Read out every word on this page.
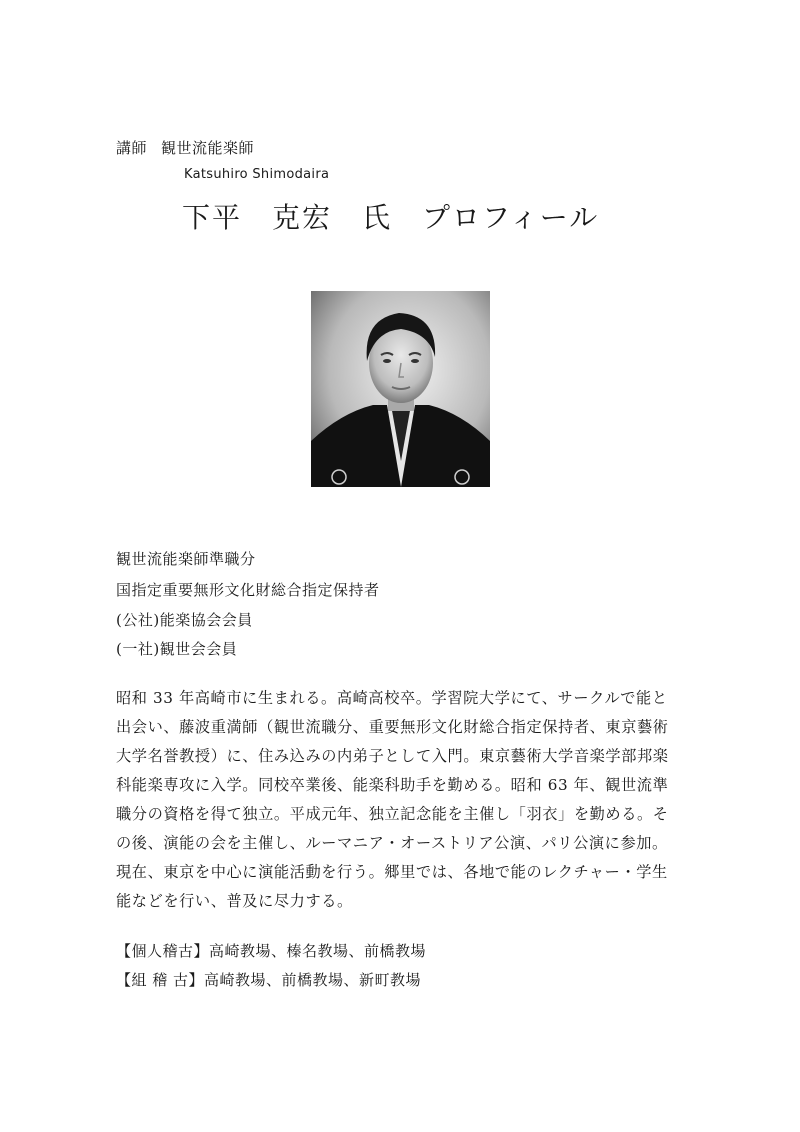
講師 観世流能楽師
Katsuhiro Shimodaira
下平 克宏 氏 プロフィール
観世流能楽師準職分
国指定重要無形文化財総合指定保持者
(公社)能楽協会会員
(一社)観世会会員

昭和 33 年高崎市に生まれる。高崎高校卒。学習院大学にて、サークルで能と
出会い、藤波重満師（観世流職分、重要無形文化財総合指定保持者、東京藝術
大学名誉教授）に、住み込みの内弟子として入門。東京藝術大学音楽学部邦楽
科能楽専攻に入学。同校卒業後、能楽科助手を勤める。昭和 63 年、観世流準
職分の資格を得て独立。平成元年、独立記念能を主催し「羽衣」を勤める。そ
の後、演能の会を主催し、ルーマニア・オーストリア公演、パリ公演に参加。
現在、東京を中心に演能活動を行う。郷里では、各地で能のレクチャー・学生
能などを行い、普及に尽力する。

【個人稽古】高崎教場、榛名教場、前橋教場
【組 稽 古】高崎教場、前橋教場、新町教場
